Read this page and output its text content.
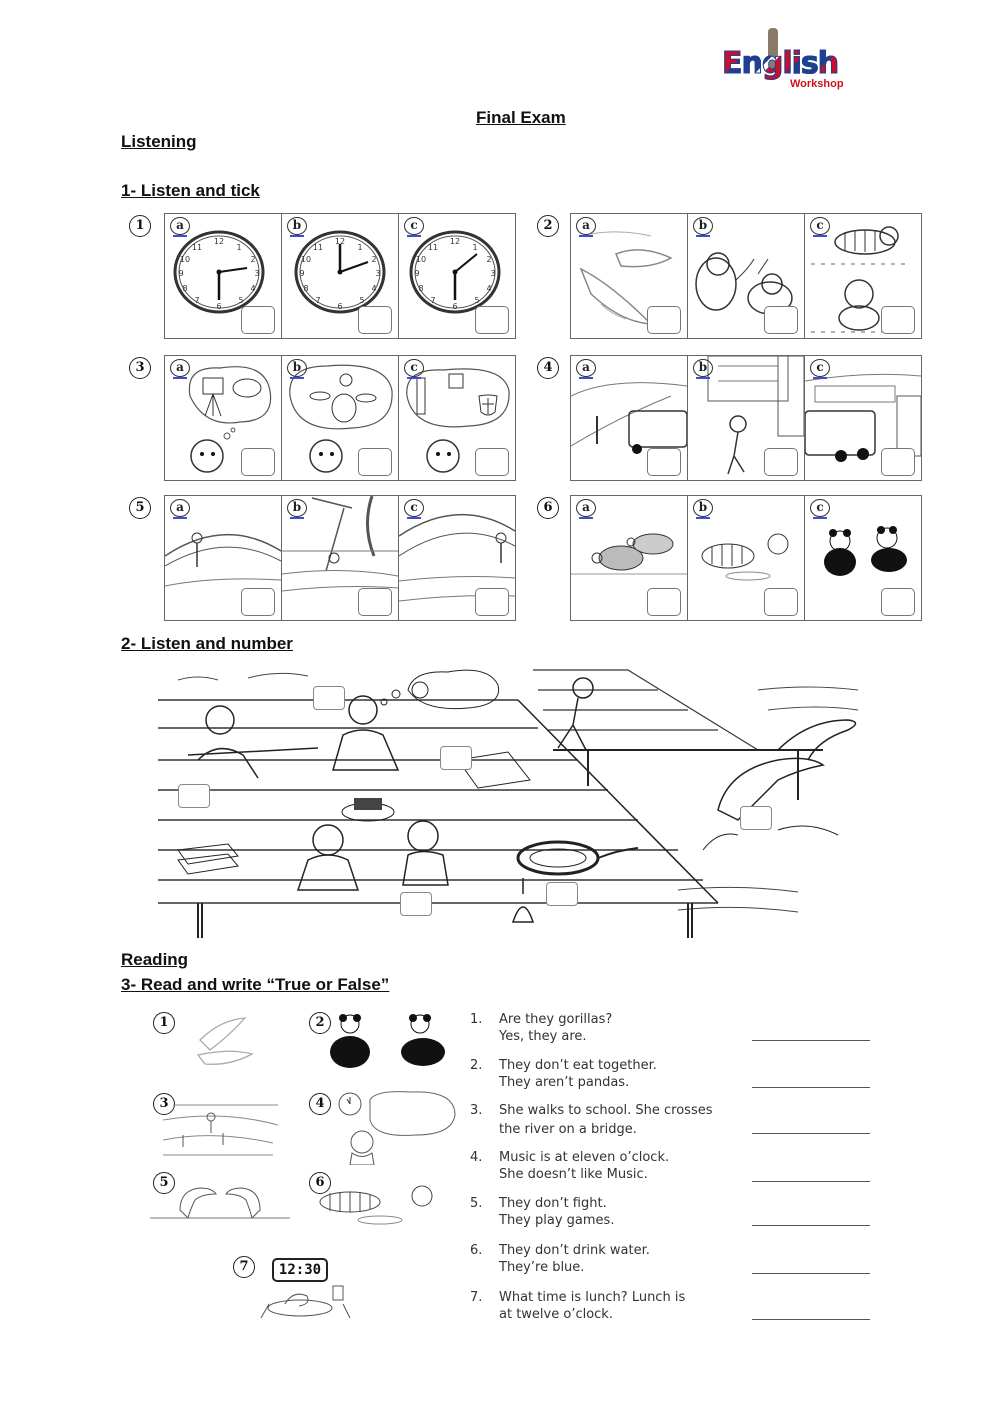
English
Workshop
Final Exam
Listening
1- Listen and tick
1
12
1
2
3
4
5
6
7
8
9
10
11
a
12
1
2
3
4
5
6
7
8
9
10
11
b
12
1
2
3
4
5
6
7
8
9
10
11
c	2	a	b	c
3	a	b	c	4	a	b	c
5	a	b	c	6	a	b	c
2- Listen and number
Reading
3- Read and write “True or False”
1	2
3	4
5	6
7	12:30
1.	Are they gorillas?
Yes, they are.
2.	They don’t eat together.
They aren’t pandas.
3.	She walks to school. She crosses
the river on a bridge.
4.	Music is at eleven o’clock.
She doesn’t like Music.
5.	They don’t fight.
They play games.
6.	They don’t drink water.
They’re blue.
7.	What time is lunch? Lunch is
at twelve o’clock.
